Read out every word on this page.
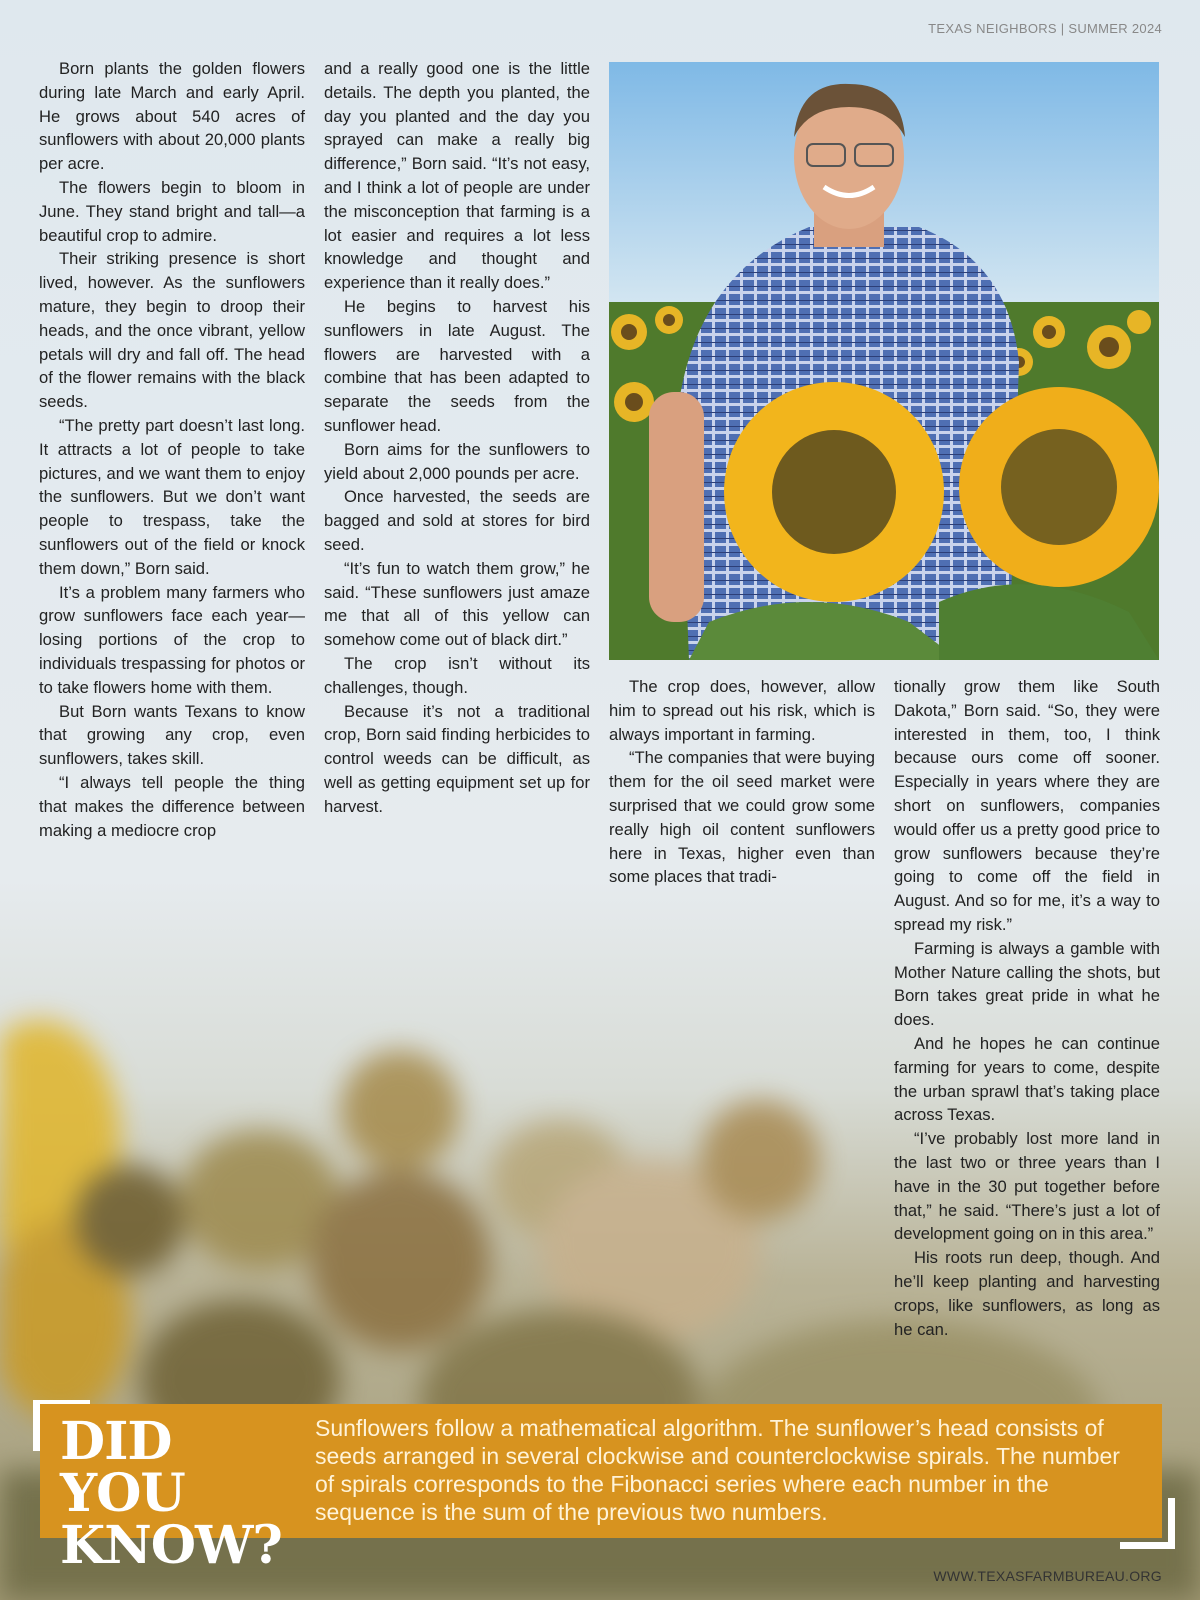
TEXAS NEIGHBORS | SUMMER 2024

Born plants the golden flowers during late March and early April. He grows about 540 acres of sunflowers with about 20,000 plants per acre.

The flowers begin to bloom in June. They stand bright and tall—a beautiful crop to admire.

Their striking presence is short lived, however. As the sunflowers mature, they begin to droop their heads, and the once vibrant, yellow petals will dry and fall off. The head of the flower remains with the black seeds.

“The pretty part doesn’t last long. It attracts a lot of people to take pictures, and we want them to enjoy the sunflowers. But we don’t want people to trespass, take the sunflowers out of the field or knock them down,” Born said.

It’s a problem many farmers who grow sunflowers face each year—losing portions of the crop to individuals trespassing for photos or to take flowers home with them.

But Born wants Texans to know that growing any crop, even sunflowers, takes skill.

“I always tell people the thing that makes the difference between making a mediocre crop

and a really good one is the little details. The depth you planted, the day you planted and the day you sprayed can make a really big difference,” Born said. “It’s not easy, and I think a lot of people are under the misconception that farming is a lot easier and requires a lot less knowledge and thought and experience than it really does.”

He begins to harvest his sunflowers in late August. The flowers are harvested with a combine that has been adapted to separate the seeds from the sunflower head.

Born aims for the sunflowers to yield about 2,000 pounds per acre.

Once harvested, the seeds are bagged and sold at stores for bird seed.

“It’s fun to watch them grow,” he said. “These sunflowers just amaze me that all of this yellow can somehow come out of black dirt.”

The crop isn’t without its challenges, though.

Because it’s not a traditional crop, Born said finding herbicides to control weeds can be difficult, as well as getting equipment set up for harvest.

The crop does, however, allow him to spread out his risk, which is always important in farming.

“The companies that were buying them for the oil seed market were surprised that we could grow some really high oil content sunflowers here in Texas, higher even than some places that tradi-

tionally grow them like South Dakota,” Born said. “So, they were interested in them, too, I think because ours come off sooner. Especially in years where they are short on sunflowers, companies would offer us a pretty good price to grow sunflowers because they’re going to come off the field in August. And so for me, it’s a way to spread my risk.”

Farming is always a gamble with Mother Nature calling the shots, but Born takes great pride in what he does.

And he hopes he can continue farming for years to come, despite the urban sprawl that’s taking place across Texas.

“I’ve probably lost more land in the last two or three years than I have in the 30 put together before that,” he said. “There’s just a lot of development going on in this area.”

His roots run deep, though. And he’ll keep planting and harvesting crops, like sunflowers, as long as he can.

DID YOU
KNOW?
Sunflowers follow a mathematical algorithm. The sunflower’s head consists of seeds arranged in several clockwise and counterclockwise spirals. The number of spirals corresponds to the Fibonacci series where each number in the sequence is the sum of the previous two numbers.
WWW.TEXASFARMBUREAU.ORG
